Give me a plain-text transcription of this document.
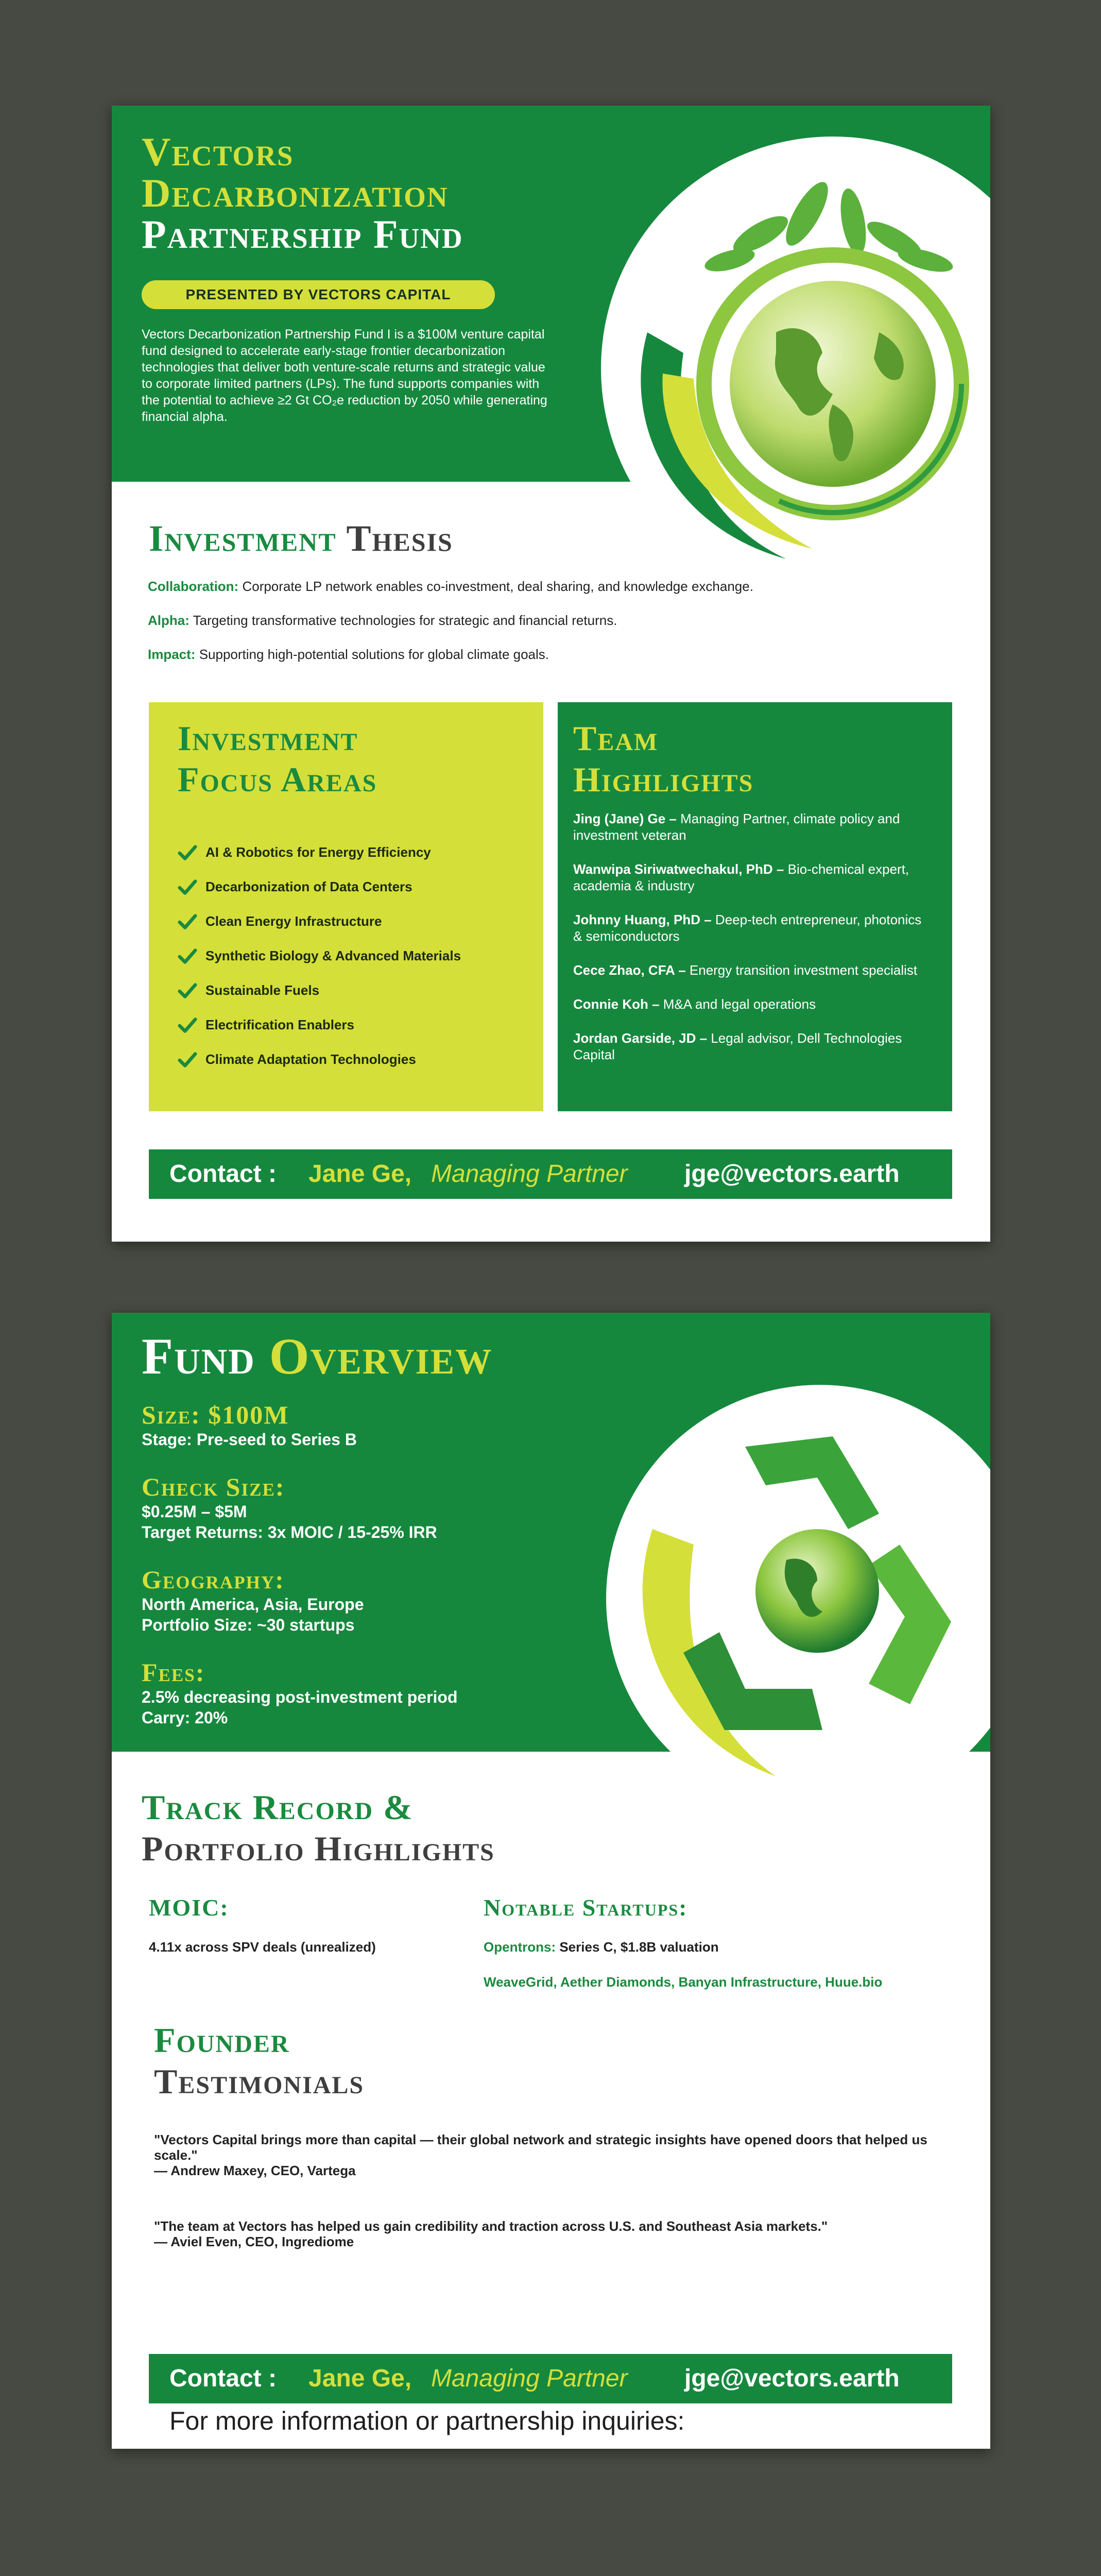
Vectors
Decarbonization
Partnership Fund
PRESENTED BY VECTORS CAPITAL
Vectors Decarbonization Partnership Fund I is a $100M venture capital fund designed to accelerate early-stage frontier decarbonization technologies that deliver both venture-scale returns and strategic value to corporate limited partners (LPs). The fund supports companies with the potential to achieve ≥2 Gt CO₂e reduction by 2050 while generating financial alpha.
Investment Thesis
Collaboration: Corporate LP network enables co-investment, deal sharing, and knowledge exchange.
Alpha: Targeting transformative technologies for strategic and financial returns.
Impact: Supporting high-potential solutions for global climate goals.
Investment
Focus Areas
AI & Robotics for Energy Efficiency
Decarbonization of Data Centers
Clean Energy Infrastructure
Synthetic Biology & Advanced Materials
Sustainable Fuels
Electrification Enablers
Climate Adaptation Technologies
Team
Highlights
Jing (Jane) Ge – Managing Partner, climate policy and investment veteran
Wanwipa Siriwatwechakul, PhD – Bio-chemical expert, academia & industry
Johnny Huang, PhD – Deep-tech entrepreneur, photonics & semiconductors
Cece Zhao, CFA – Energy transition investment specialist
Connie Koh – M&A and legal operations
Jordan Garside, JD – Legal advisor, Dell Technologies Capital
Contact : Jane Ge, Managing Partner jge@vectors.earth
Fund Overview
Size: $100M
Stage: Pre-seed to Series B
Check Size:
$0.25M – $5M
Target Returns: 3x MOIC / 15-25% IRR
Geography:
North America, Asia, Europe
Portfolio Size: ~30 startups
Fees:
2.5% decreasing post-investment period
Carry: 20%
Track Record &
Portfolio Highlights
MOIC:
4.11x across SPV deals (unrealized)
Notable Startups:
Opentrons: Series C, $1.8B valuation
WeaveGrid, Aether Diamonds, Banyan Infrastructure, Huue.bio
Founder
Testimonials
"Vectors Capital brings more than capital — their global network and strategic insights have opened doors that helped us scale."
— Andrew Maxey, CEO, Vartega
"The team at Vectors has helped us gain credibility and traction across U.S. and Southeast Asia markets."
— Aviel Even, CEO, Ingrediome
For more information or partnership inquiries:
Contact : Jane Ge, Managing Partner jge@vectors.earth
